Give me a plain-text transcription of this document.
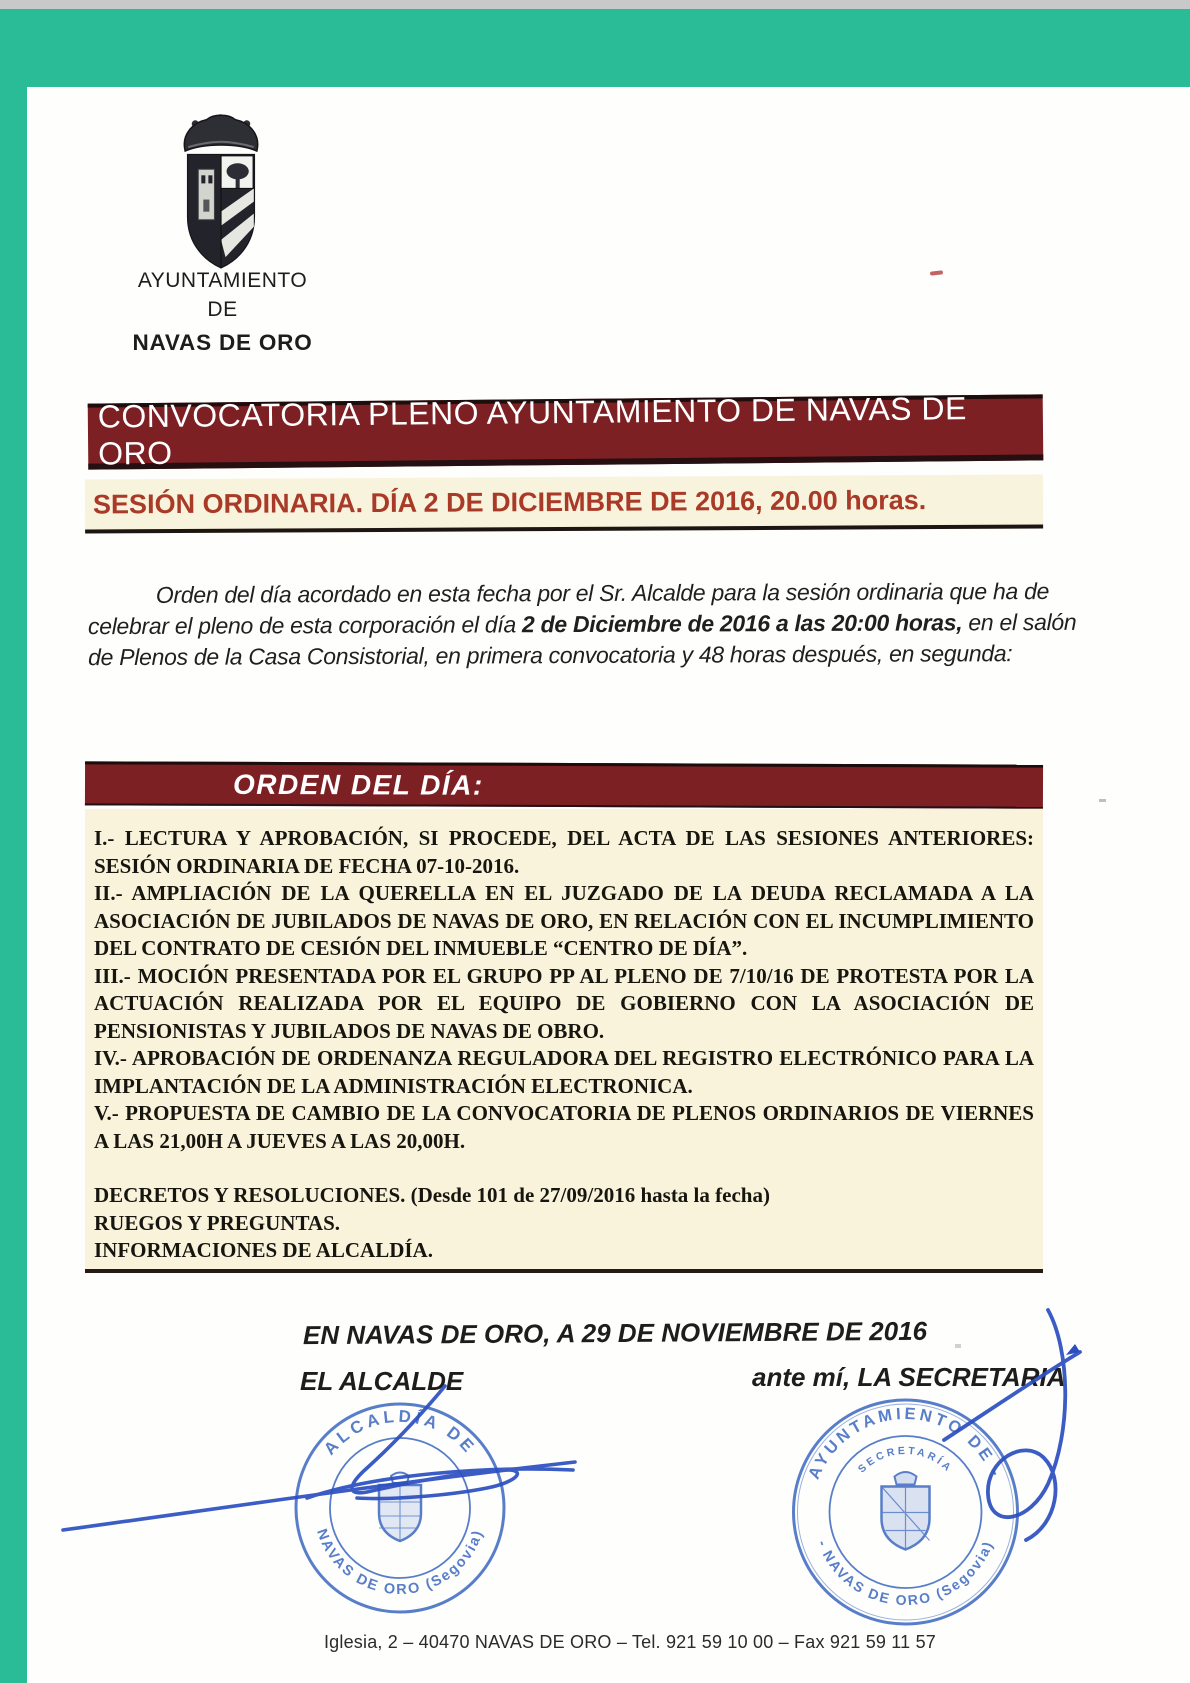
AYUNTAMIENTO
DE
NAVAS DE ORO
CONVOCATORIA PLENO AYUNTAMIENTO DE NAVAS DE ORO
SESIÓN ORDINARIA. DÍA 2 DE DICIEMBRE DE 2016, 20.00 horas.

Orden del día acordado en esta fecha por el Sr. Alcalde para la sesión ordinaria que ha de celebrar el pleno de esta corporación el día 2 de Diciembre de 2016 a las 20:00 horas, en el salón de Plenos de la Casa Consistorial, en primera convocatoria y 48 horas después, en segunda:

ORDEN DEL DÍA:

I.- LECTURA Y APROBACIÓN, SI PROCEDE, DEL ACTA DE LAS SESIONES ANTERIORES: SESIÓN ORDINARIA DE FECHA 07-10-2016.

II.- AMPLIACIÓN DE LA QUERELLA EN EL JUZGADO DE LA DEUDA RECLAMADA A LA ASOCIACIÓN DE JUBILADOS DE NAVAS DE ORO, EN RELACIÓN CON EL INCUMPLIMIENTO DEL CONTRATO DE CESIÓN DEL INMUEBLE “CENTRO DE DÍA”.

III.- MOCIÓN PRESENTADA POR EL GRUPO PP AL PLENO DE 7/10/16 DE PROTESTA POR LA ACTUACIÓN REALIZADA POR EL EQUIPO DE GOBIERNO CON LA ASOCIACIÓN DE PENSIONISTAS Y JUBILADOS DE NAVAS DE OBRO.

IV.- APROBACIÓN DE ORDENANZA REGULADORA DEL REGISTRO ELECTRÓNICO PARA LA IMPLANTACIÓN DE LA ADMINISTRACIÓN ELECTRONICA.

V.- PROPUESTA DE CAMBIO DE LA CONVOCATORIA DE PLENOS ORDINARIOS DE VIERNES A LAS 21,00H A JUEVES A LAS 20,00H.

DECRETOS Y RESOLUCIONES. (Desde 101 de 27/09/2016 hasta la fecha)

RUEGOS Y PREGUNTAS.

INFORMACIONES DE ALCALDÍA.

EN NAVAS DE ORO, A 29 DE NOVIEMBRE DE 2016
EL ALCALDE	ante mí, LA SECRETARIA
ALCALDÍA DE
NAVAS DE ORO (Segovia)
AYUNTAMIENTO DE -
- NAVAS DE ORO (Segovia)
SECRETARÍA
Iglesia, 2 – 40470 NAVAS DE ORO – Tel. 921 59 10 00 – Fax 921 59 11 57
